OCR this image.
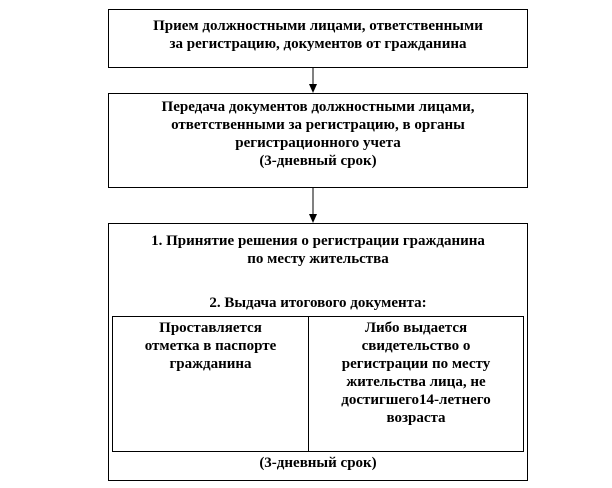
Прием должностными лицами, ответственными
за регистрацию, документов от гражданина
Передача документов должностными лицами,
ответственными за регистрацию, в органы
регистрационного учета
(3-дневный срок)
1. Принятие решения о регистрации гражданина
по месту жительства
2. Выдача итогового документа:
Проставляется
отметка в паспорте
гражданина
Либо выдается
свидетельство о
регистрации по месту
жительства лица, не
достигшего14-летнего
возраста
(3-дневный срок)
